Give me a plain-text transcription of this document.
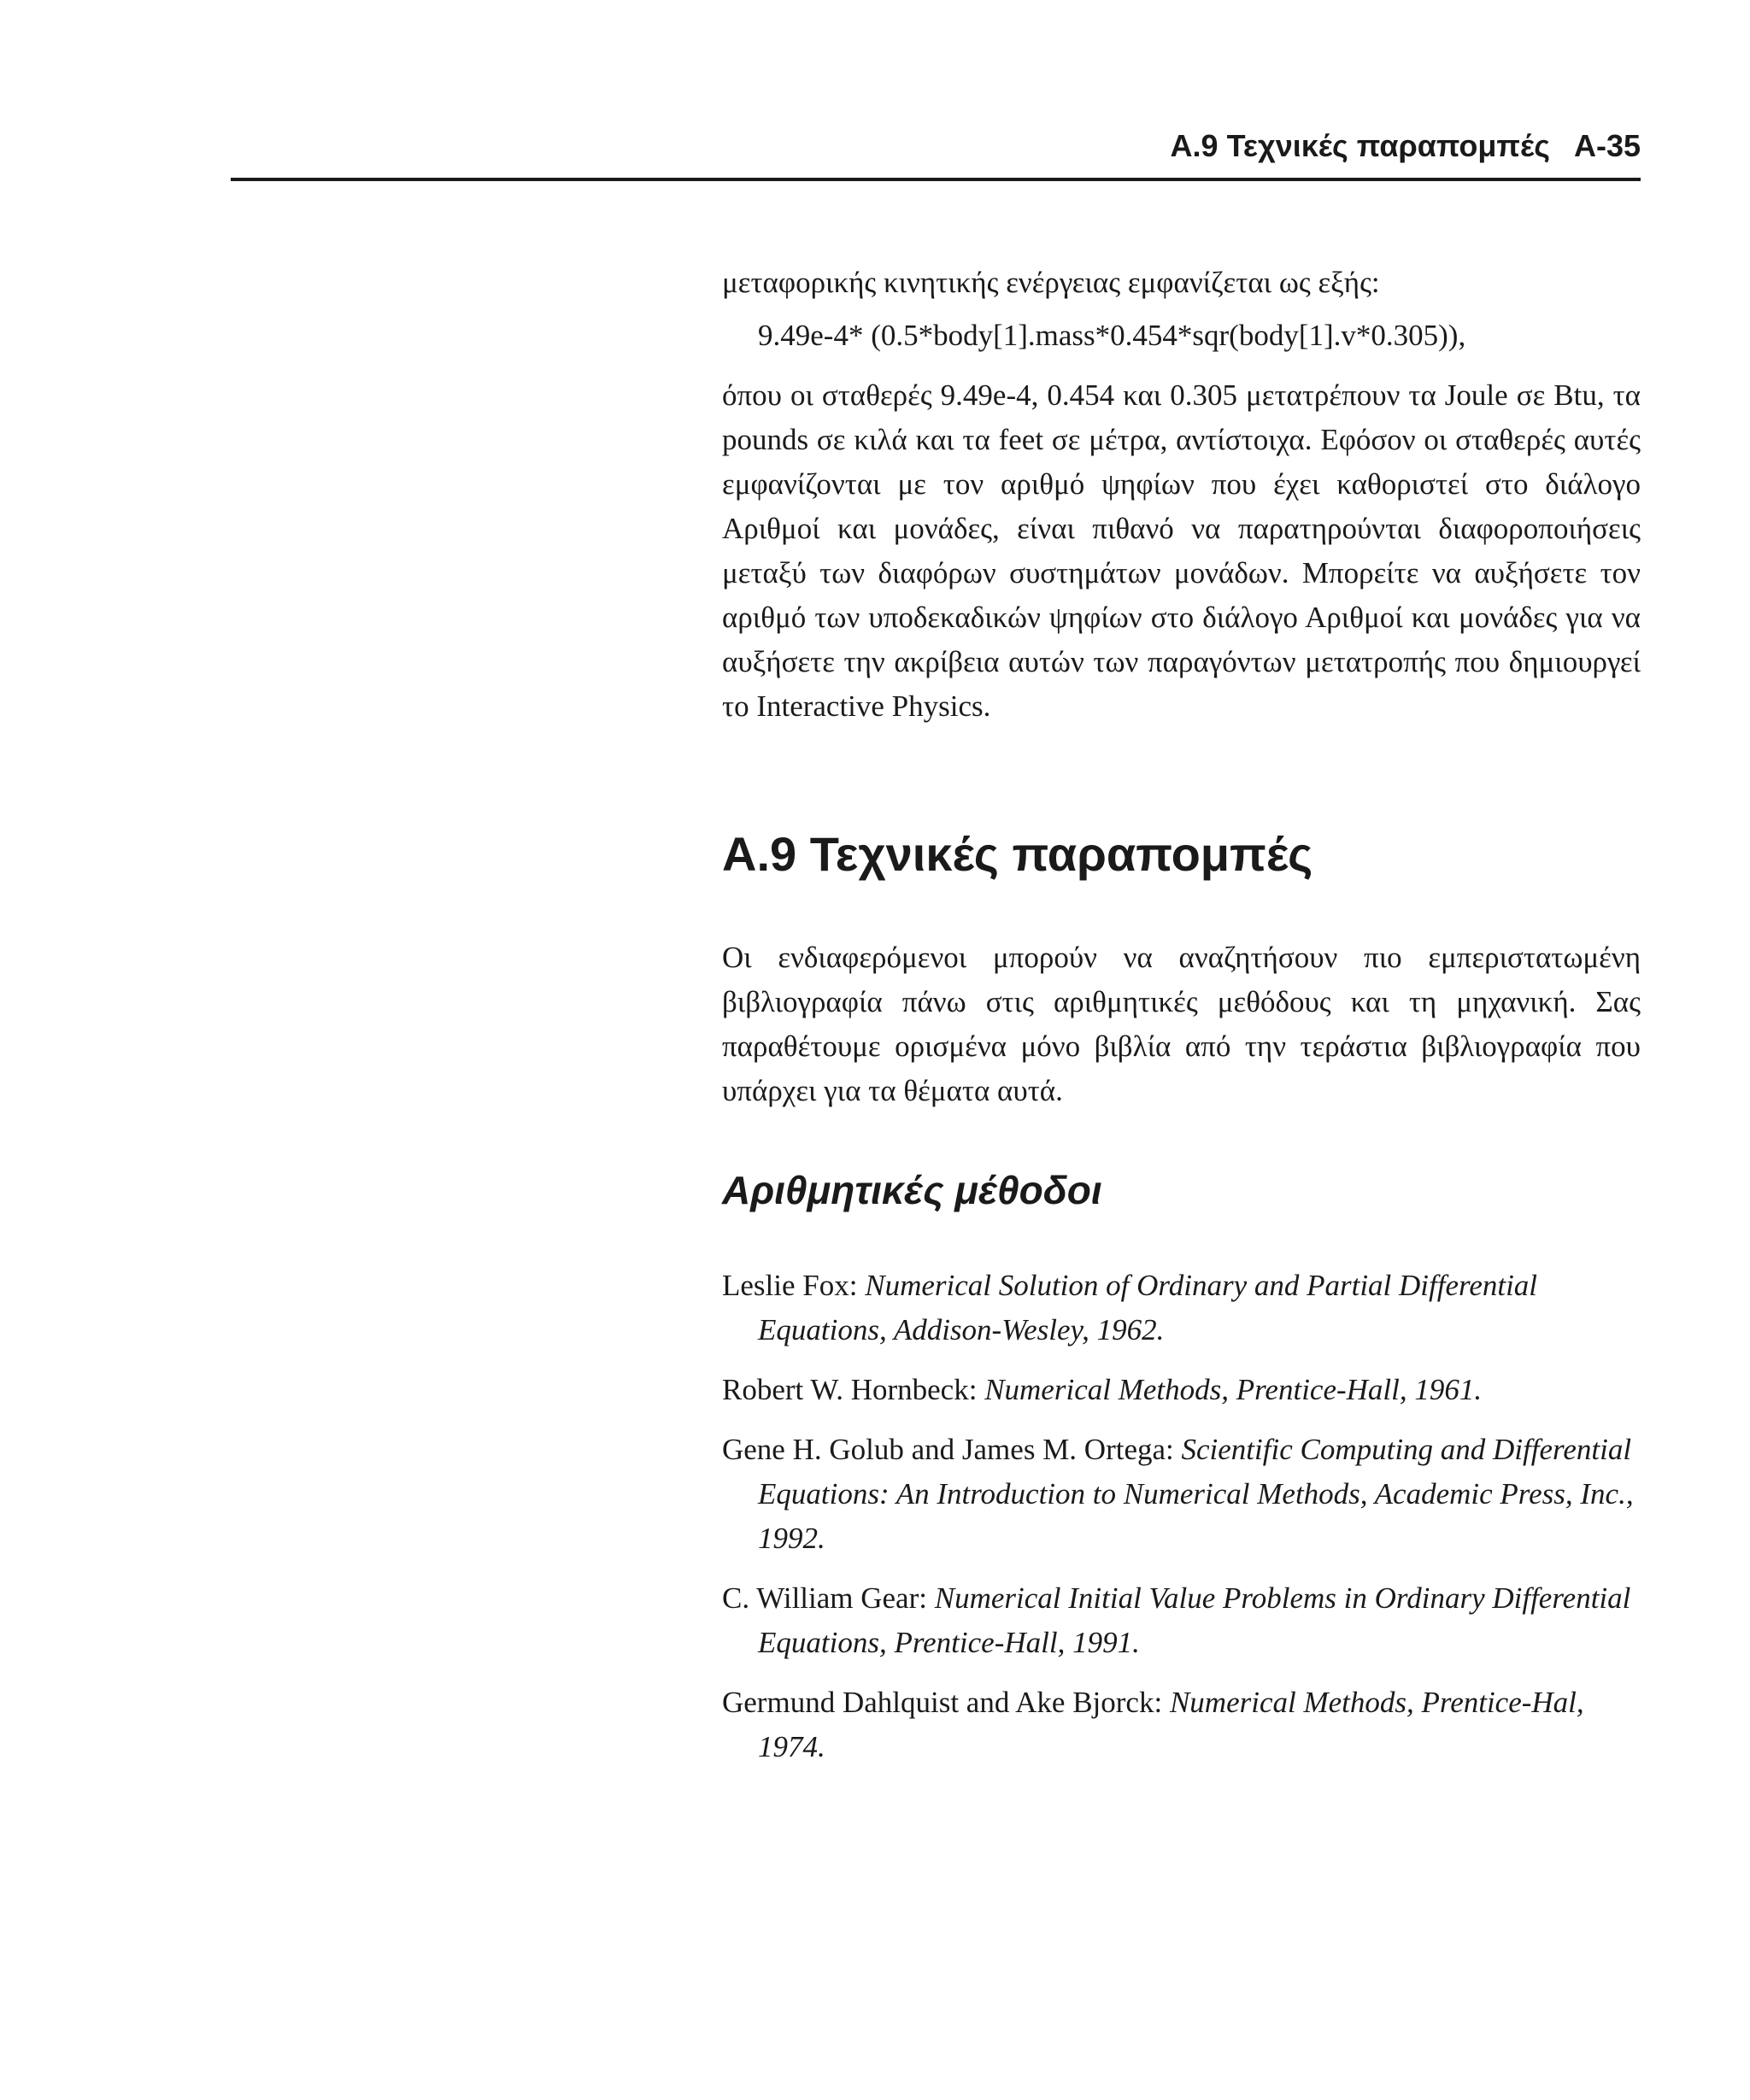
A.9 Τεχνικές παραπομπές A-35

μεταφορικής κινητικής ενέργειας εμφανίζεται ως εξής:

9.49e-4* (0.5*body[1].mass*0.454*sqr(body[1].v*0.305)),

όπου οι σταθερές 9.49e-4, 0.454 και 0.305 μετατρέπουν τα Joule σε Btu, τα pounds σε κιλά και τα feet σε μέτρα, αντίστοιχα. Εφόσον οι σταθερές αυτές εμφανίζονται με τον αριθμό ψηφίων που έχει καθοριστεί στο διάλογο Αριθμοί και μονάδες, είναι πιθανό να παρατηρούνται διαφοροποιήσεις μεταξύ των διαφόρων συστημάτων μονάδων. Μπορείτε να αυξήσετε τον αριθμό των υποδεκαδικών ψηφίων στο διάλογο Αριθμοί και μονάδες για να αυξήσετε την ακρίβεια αυτών των παραγόντων μετατροπής που δημιουργεί το Interactive Physics.

A.9 Τεχνικές παραπομπές

Οι ενδιαφερόμενοι μπορούν να αναζητήσουν πιο εμπεριστατωμένη βιβλιογραφία πάνω στις αριθμητικές μεθόδους και τη μηχανική. Σας παραθέτουμε ορισμένα μόνο βιβλία από την τεράστια βιβλιογραφία που υπάρχει για τα θέματα αυτά.

Αριθμητικές μέθοδοι

Leslie Fox: Numerical Solution of Ordinary and Partial Differential Equations, Addison-Wesley, 1962.

Robert W. Hornbeck: Numerical Methods, Prentice-Hall, 1961.

Gene H. Golub and James M. Ortega: Scientific Computing and Differential Equations: An Introduction to Numerical Methods, Academic Press, Inc., 1992.

C. William Gear: Numerical Initial Value Problems in Ordinary Differential Equations, Prentice-Hall, 1991.

Germund Dahlquist and Ake Bjorck: Numerical Methods, Prentice-Hal, 1974.
